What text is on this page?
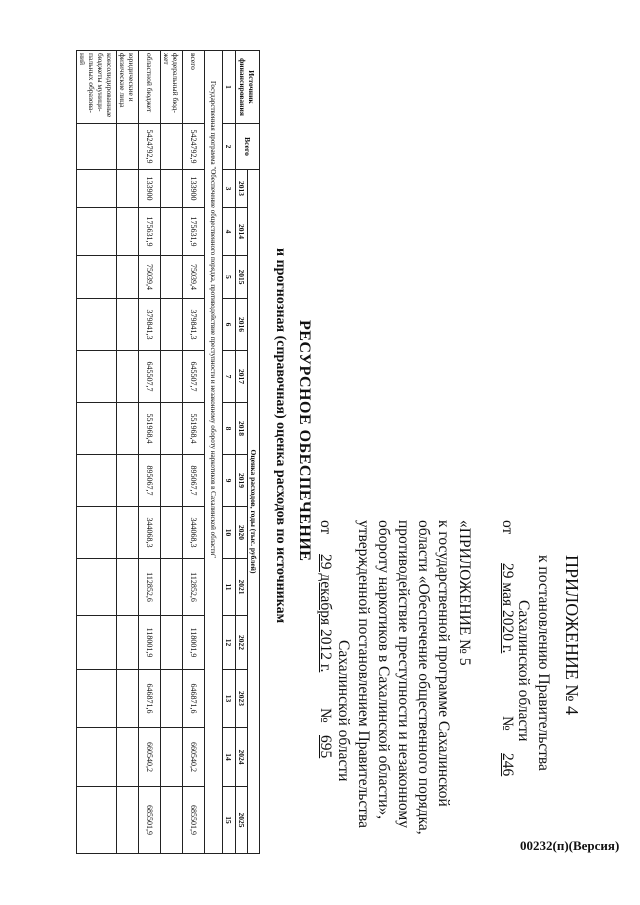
ПРИЛОЖЕНИЕ № 4
к постановлению Правительства
Сахалинской области
от 29 мая 2020 г.  № 246
«ПРИЛОЖЕНИЕ № 5
к государственной программе Сахалинской
области «Обеспечение общественного порядка,
противодействие преступности и незаконному
обороту наркотиков в Сахалинской области»,
утвержденной постановлением Правительства
Сахалинской области
от 29 декабря 2012 г.  № 695
РЕСУРСНОЕ ОБЕСПЕЧЕНИЕ
и прогнозная (справочная) оценка расходов по источникам
Источник финансирования	Всего	Оценка расходов, годы (тыс. рублей)												
		2013	2014	2015	2016	2017	2018	2019	2020	2021	2022	2023	2024	2025
1	2	3	4	5	6	7	8	9	10	11	12	13	14	15
Государственная программа "Обеспечение общественного порядка, противодействие преступности и незаконному обороту наркотиков в Сахалинской области"														
всего	5424792,9	133900	175631,9	75039,4	379841,3	645507,7	551968,4	895067,7	344068,3	112852,6	118001,9	646871,6	660540,2	685501,9
федеральный бюд-жет														
областной бюджет	5424792,9	133900	175631,9	75039,4	379841,3	645507,7	551968,4	895067,7	344068,3	112852,6	118001,9	646871,6	660540,2	685501,9
юридические и физические лица														
консолидированные бюджеты муници-пальных образова-ний														
00232(п)(Версия)
